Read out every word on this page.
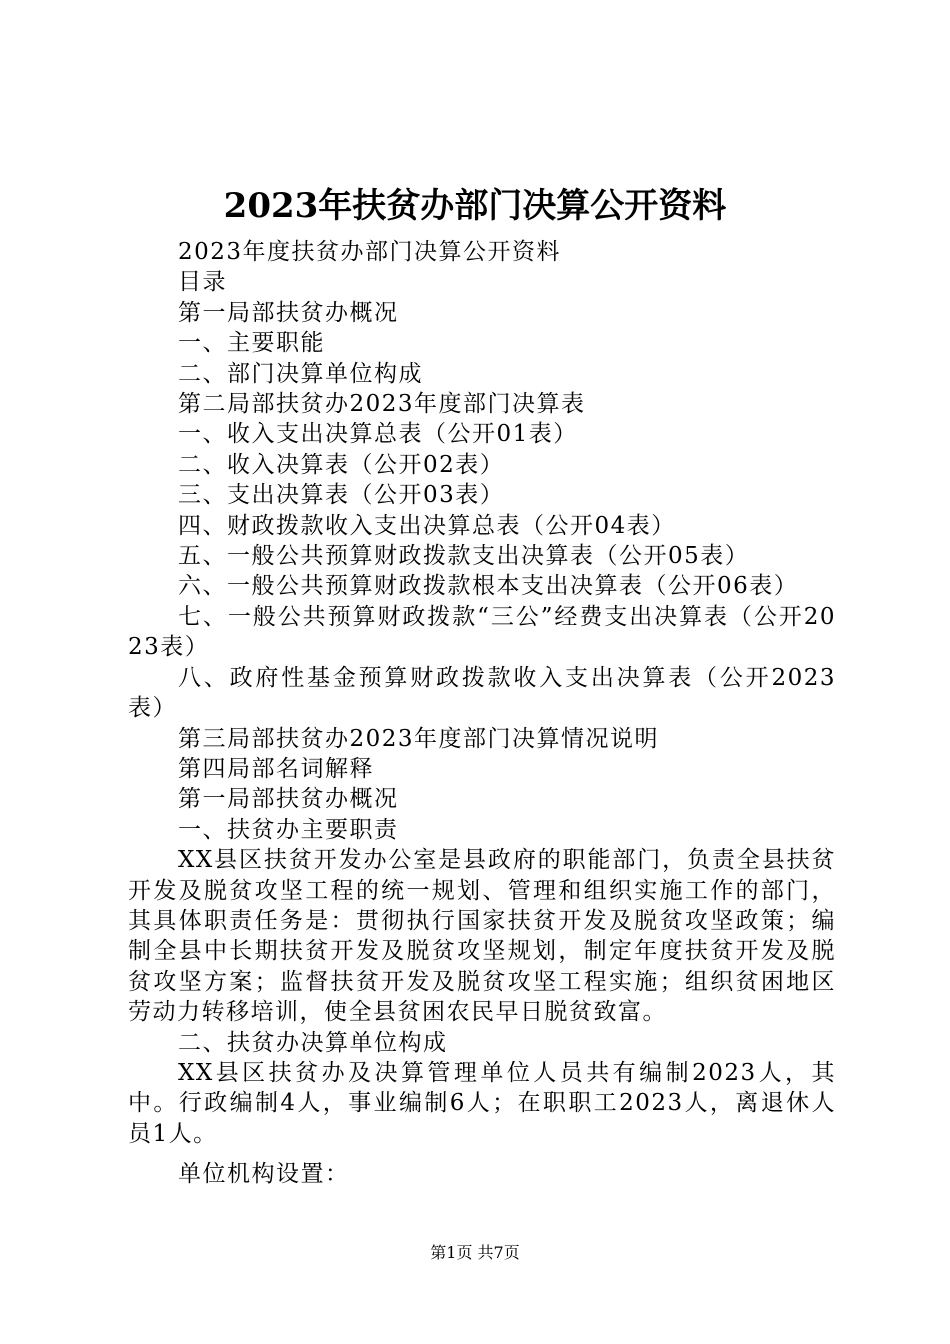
2023年扶贫办部门决算公开资料

2023年度扶贫办部门决算公开资料

目录

第一局部扶贫办概况

一、主要职能

二、部门决算单位构成

第二局部扶贫办2023年度部门决算表

一、收入支出决算总表（公开01表）

二、收入决算表（公开02表）

三、支出决算表（公开03表）

四、财政拨款收入支出决算总表（公开04表）

五、一般公共预算财政拨款支出决算表（公开05表）

六、一般公共预算财政拨款根本支出决算表（公开06表）

七、一般公共预算财政拨款“三公”经费支出决算表（公开2023表）

八、政府性基金预算财政拨款收入支出决算表（公开2023表）

第三局部扶贫办2023年度部门决算情况说明

第四局部名词解释

第一局部扶贫办概况

一、扶贫办主要职责

XX县区扶贫开发办公室是县政府的职能部门，负责全县扶贫开发及脱贫攻坚工程的统一规划、管理和组织实施工作的部门，其具体职责任务是：贯彻执行国家扶贫开发及脱贫攻坚政策；编制全县中长期扶贫开发及脱贫攻坚规划，制定年度扶贫开发及脱贫攻坚方案；监督扶贫开发及脱贫攻坚工程实施；组织贫困地区劳动力转移培训，使全县贫困农民早日脱贫致富。

二、扶贫办决算单位构成

XX县区扶贫办及决算管理单位人员共有编制2023人，其中。行政编制4人，事业编制6人；在职职工2023人，离退休人员1人。

单位机构设置：

第1页 共7页
